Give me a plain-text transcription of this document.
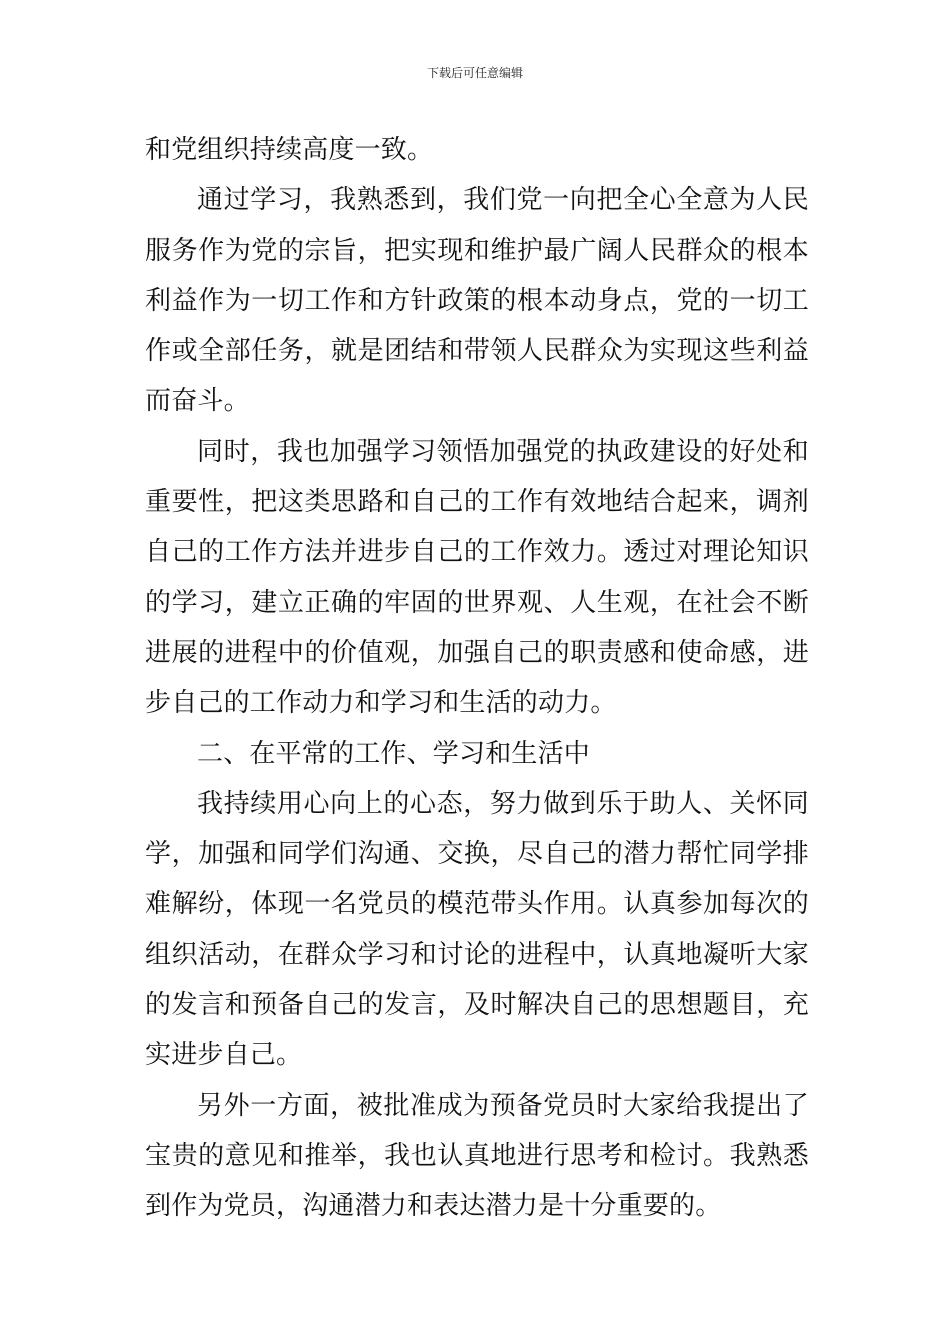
下载后可任意编辑

和党组织持续高度一致。

通过学习，我熟悉到，我们党一向把全心全意为人民服务作为党的宗旨，把实现和维护最广阔人民群众的根本利益作为一切工作和方针政策的根本动身点，党的一切工作或全部任务，就是团结和带领人民群众为实现这些利益而奋斗。

同时，我也加强学习领悟加强党的执政建设的好处和重要性，把这类思路和自己的工作有效地结合起来，调剂自己的工作方法并进步自己的工作效力。透过对理论知识的学习，建立正确的牢固的世界观、人生观，在社会不断进展的进程中的价值观，加强自己的职责感和使命感，进步自己的工作动力和学习和生活的动力。

二、在平常的工作、学习和生活中

我持续用心向上的心态，努力做到乐于助人、关怀同学，加强和同学们沟通、交换，尽自己的潜力帮忙同学排难解纷，体现一名党员的模范带头作用。认真参加每次的组织活动，在群众学习和讨论的进程中，认真地凝听大家的发言和预备自己的发言，及时解决自己的思想题目，充实进步自己。

另外一方面，被批准成为预备党员时大家给我提出了宝贵的意见和推举，我也认真地进行思考和检讨。我熟悉到作为党员，沟通潜力和表达潜力是十分重要的。
